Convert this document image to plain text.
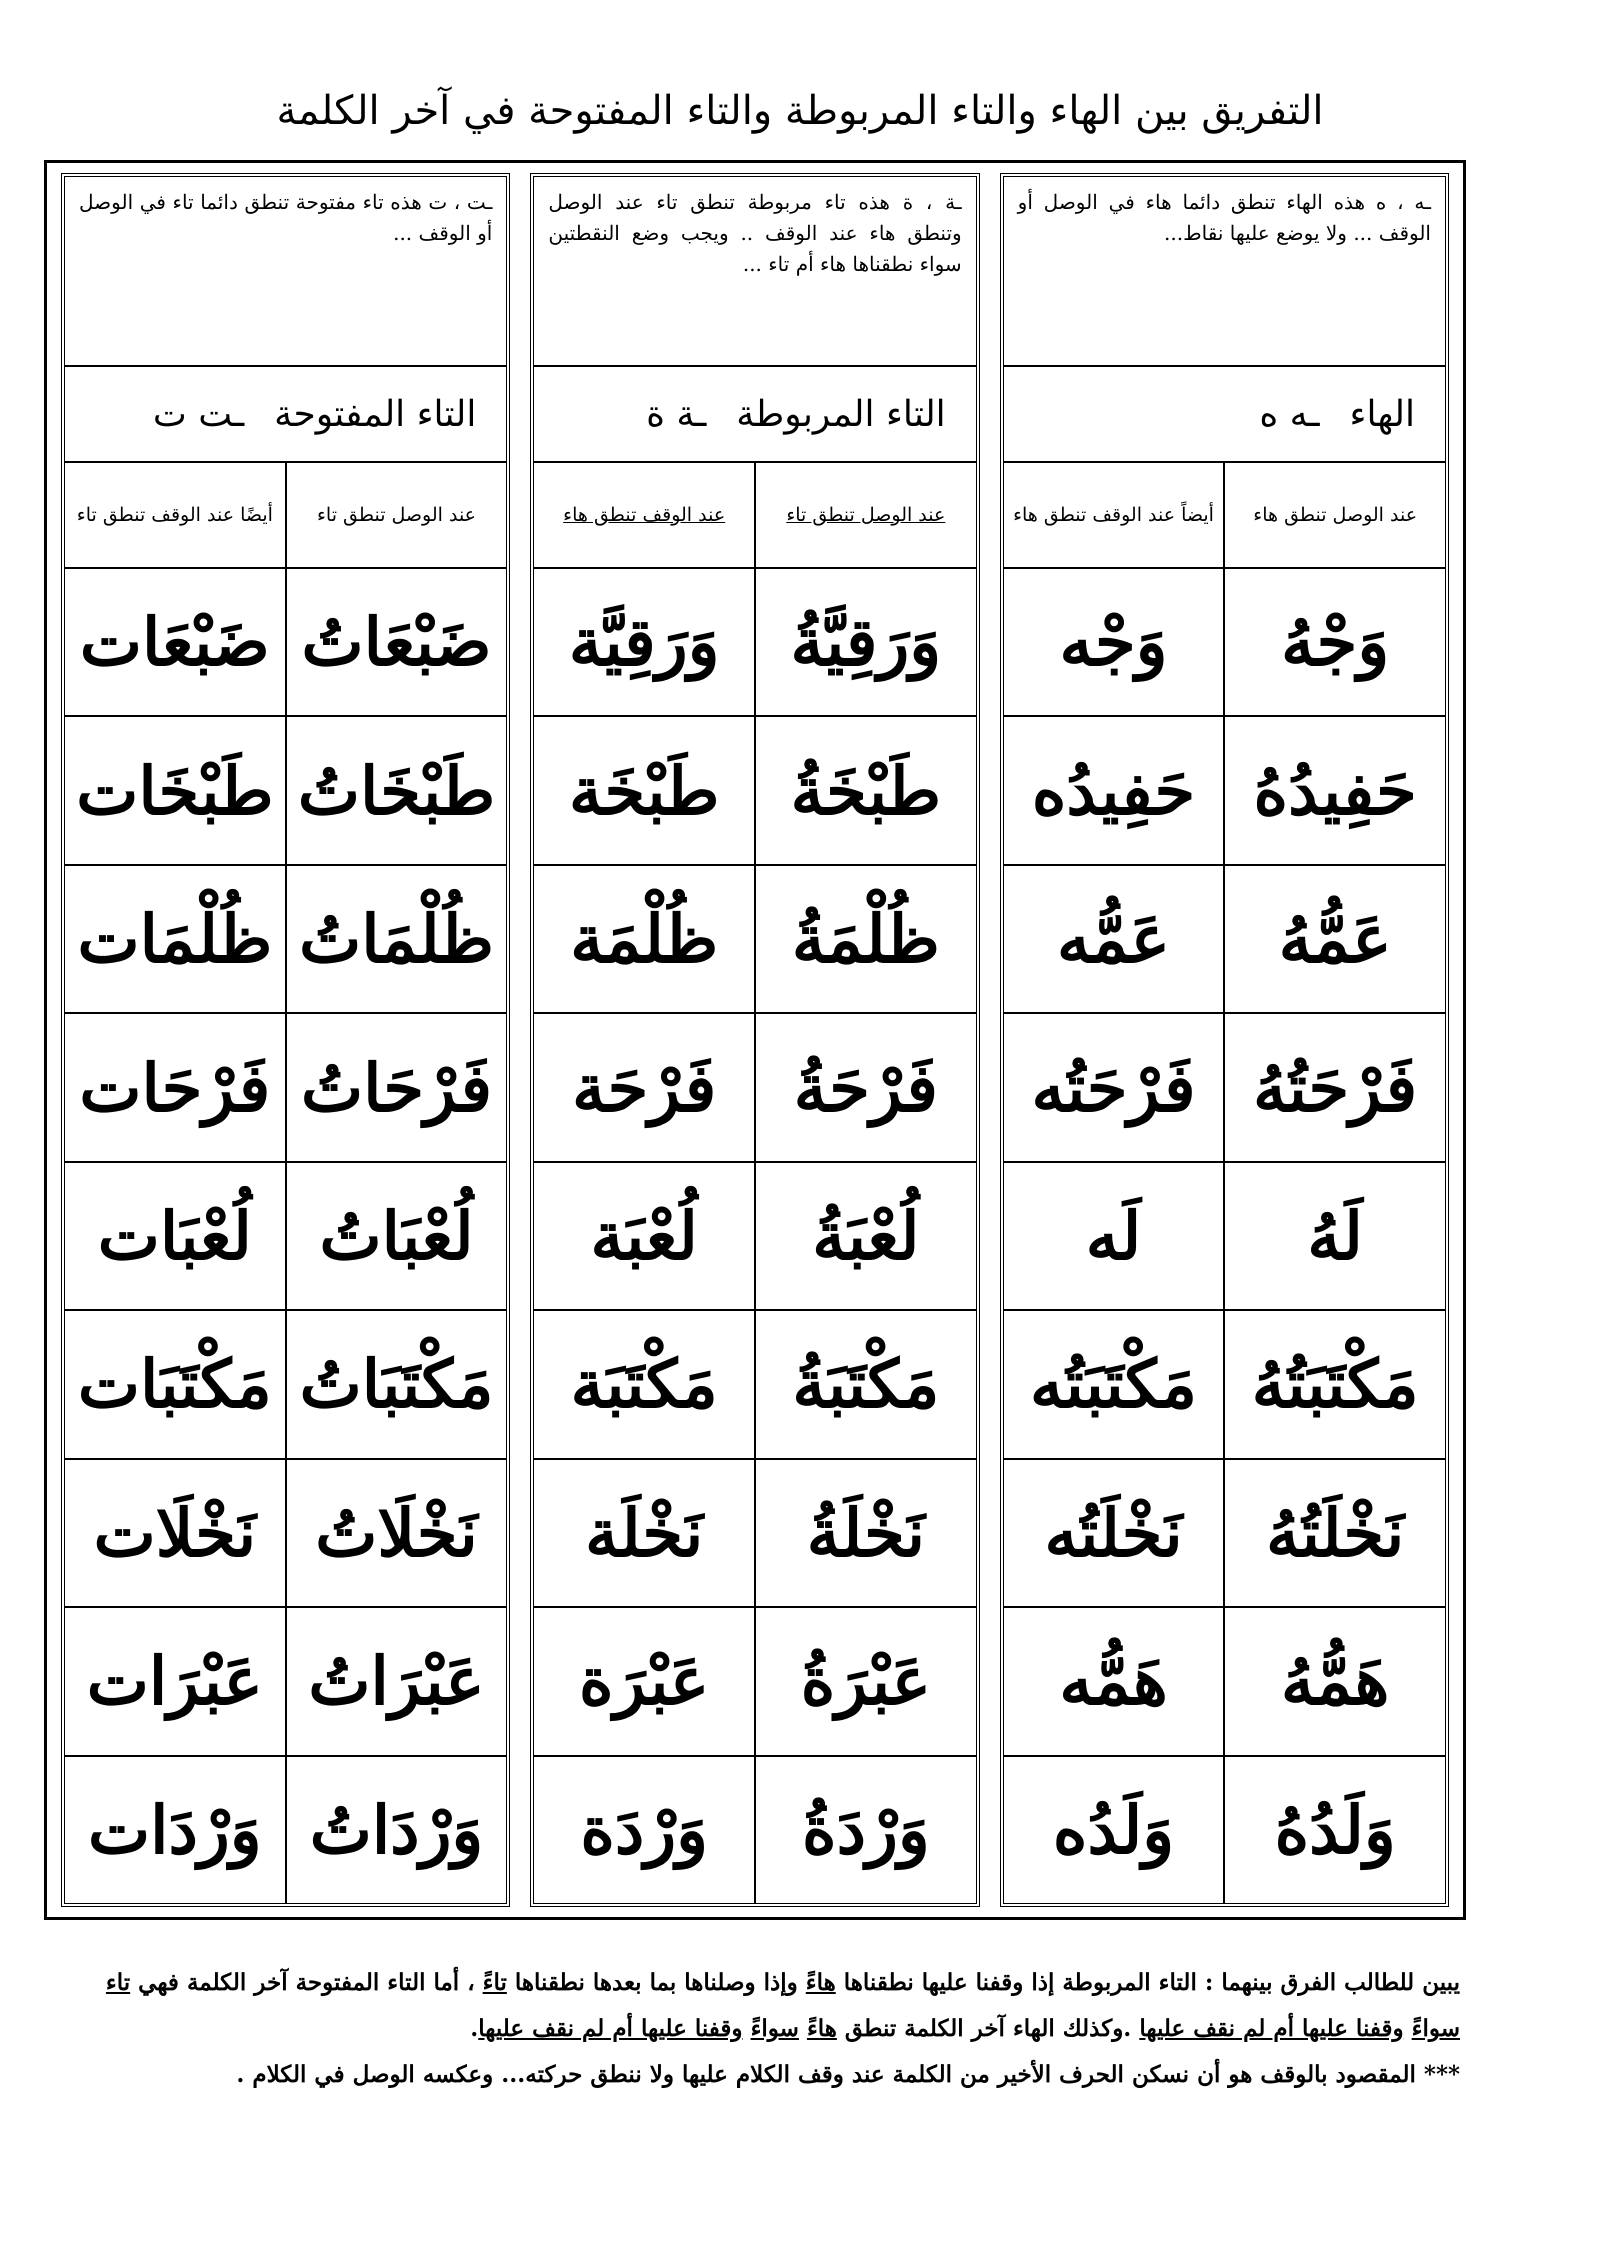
التفريق بين الهاء والتاء المربوطة والتاء المفتوحة في آخر الكلمة
ـه ، ه هذه الهاء تنطق دائما هاء في الوصل أو الوقف ... ولا يوضع عليها نقاط...
الهاء
ـه ه
عند الوصل تنطق هاء
أيضاً عند الوقف تنطق هاء
وَجْهُ
وَجْه
حَفِيدُهُ
حَفِيدُه
عَمُّهُ
عَمُّه
فَرْحَتُهُ
فَرْحَتُه
لَهُ
لَه
مَكْتَبَتُهُ
مَكْتَبَتُه
نَخْلَتُهُ
نَخْلَتُه
هَمُّهُ
هَمُّه
وَلَدُهُ
وَلَدُه
ـة ، ة هذه تاء مربوطة تنطق تاء عند الوصل وتنطق هاء عند الوقف .. ويجب وضع النقطتين سواء نطقناها هاء أم تاء ...
التاء المربوطة
ـة ة
عند الوصل تنطق تاء
عند الوقف تنطق هاء
وَرَقِيَّةُ
وَرَقِيَّة
طَبْخَةُ
طَبْخَة
ظُلْمَةُ
ظُلْمَة
فَرْحَةُ
فَرْحَة
لُعْبَةُ
لُعْبَة
مَكْتَبَةُ
مَكْتَبَة
نَخْلَةُ
نَخْلَة
عَبْرَةُ
عَبْرَة
وَرْدَةُ
وَرْدَة
ـت ، ت هذه تاء مفتوحة تنطق دائما تاء في الوصل أو الوقف ...
التاء المفتوحة
ـت ت
عند الوصل تنطق تاء
أيضًا عند الوقف تنطق تاء
ضَبْعَاتُ
ضَبْعَات
طَبْخَاتُ
طَبْخَات
ظُلْمَاتُ
ظُلْمَات
فَرْحَاتُ
فَرْحَات
لُعْبَاتُ
لُعْبَات
مَكْتَبَاتُ
مَكْتَبَات
نَخْلَاتُ
نَخْلَات
عَبْرَاتُ
عَبْرَات
وَرْدَاتُ
وَرْدَات

يبين للطالب الفرق بينهما : التاء المربوطة إذا وقفنا عليها نطقناها هاءً وإذا وصلناها بما بعدها نطقناها تاءً ، أما التاء المفتوحة آخر الكلمة فهي تاء سواءً وقفنا عليها أم لم نقف عليها .وكذلك الهاء آخر الكلمة تنطق هاءً سواءً وقفنا عليها أم لم نقف عليها.

*** المقصود بالوقف هو أن نسكن الحرف الأخير من الكلمة عند وقف الكلام عليها ولا ننطق حركته... وعكسه الوصل في الكلام .
